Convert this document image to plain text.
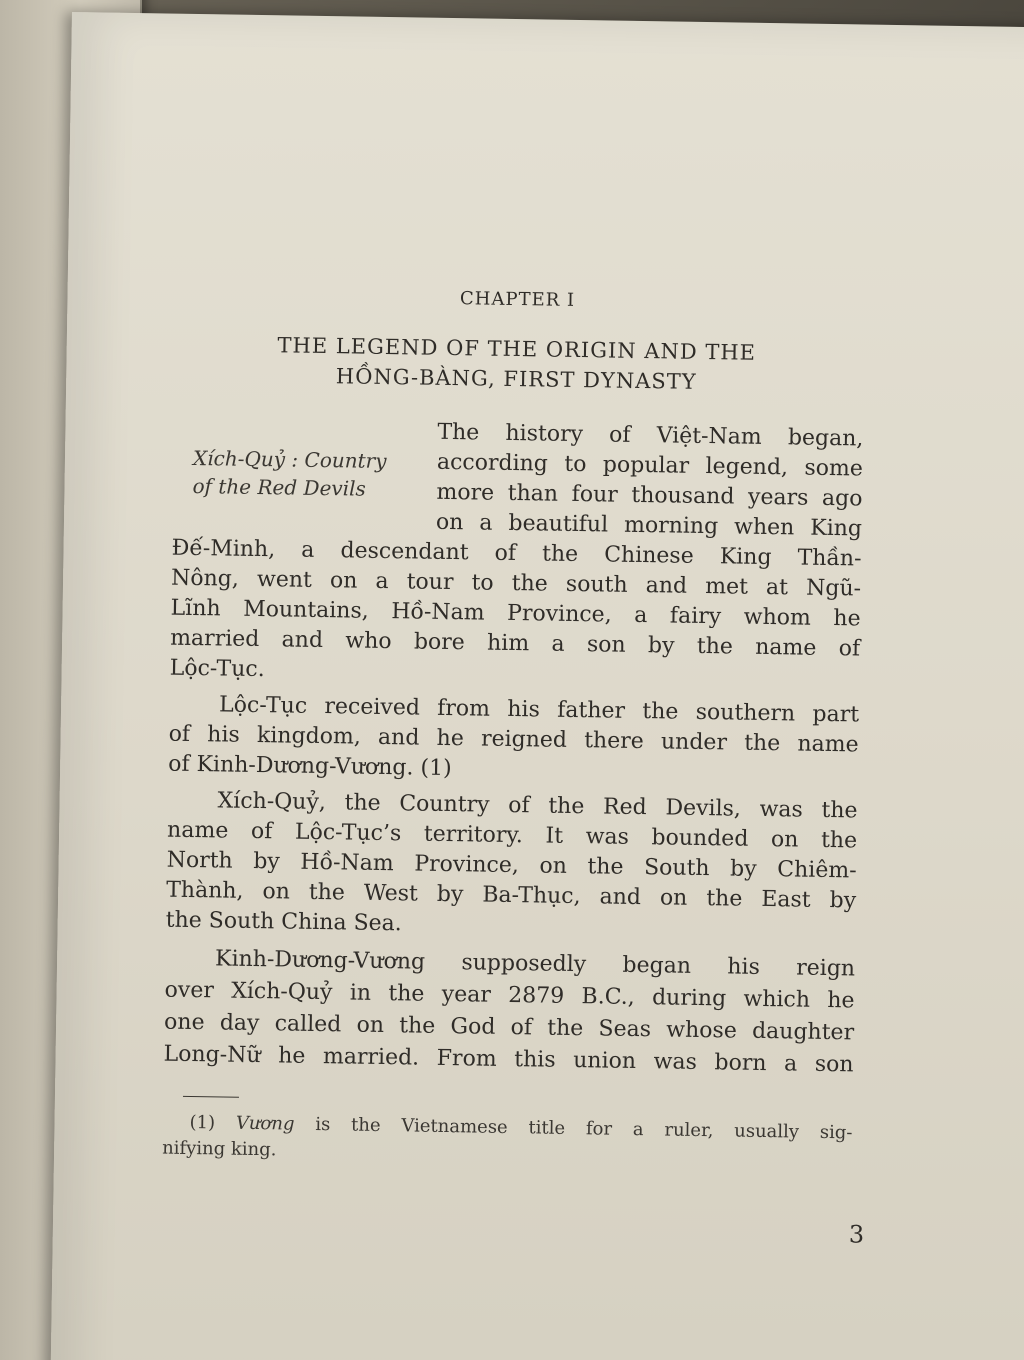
CHAPTER I
THE LEGEND OF THE ORIGIN AND THE
HỒNG-BÀNG, FIRST DYNASTY
Xích-Quỷ : Country
of the Red Devils
The history of Việt-Nam began,
according to popular legend, some
more than four thousand years ago
on a beautiful morning when King
Đế-Minh, a descendant of the Chinese King Thần-
Nông, went on a tour to the south and met at Ngũ-
Lĩnh Mountains, Hồ-Nam Province, a fairy whom he
married and who bore him a son by the name of
Lộc-Tục.
Lộc-Tục received from his father the southern part
of his kingdom, and he reigned there under the name
of Kinh-Dương-Vương. (1)
Xích-Quỷ, the Country of the Red Devils, was the
name of Lộc-Tục’s territory. It was bounded on the
North by Hồ-Nam Province, on the South by Chiêm-
Thành, on the West by Ba-Thục, and on the East by
the South China Sea.
Kinh-Dương-Vương supposedly began his reign
over Xích-Quỷ in the year 2879 B.C., during which he
one day called on the God of the Seas whose daughter
Long-Nữ he married. From this union was born a son
(1) Vương is the Vietnamese title for a ruler, usually sig-
nifying king.
3
